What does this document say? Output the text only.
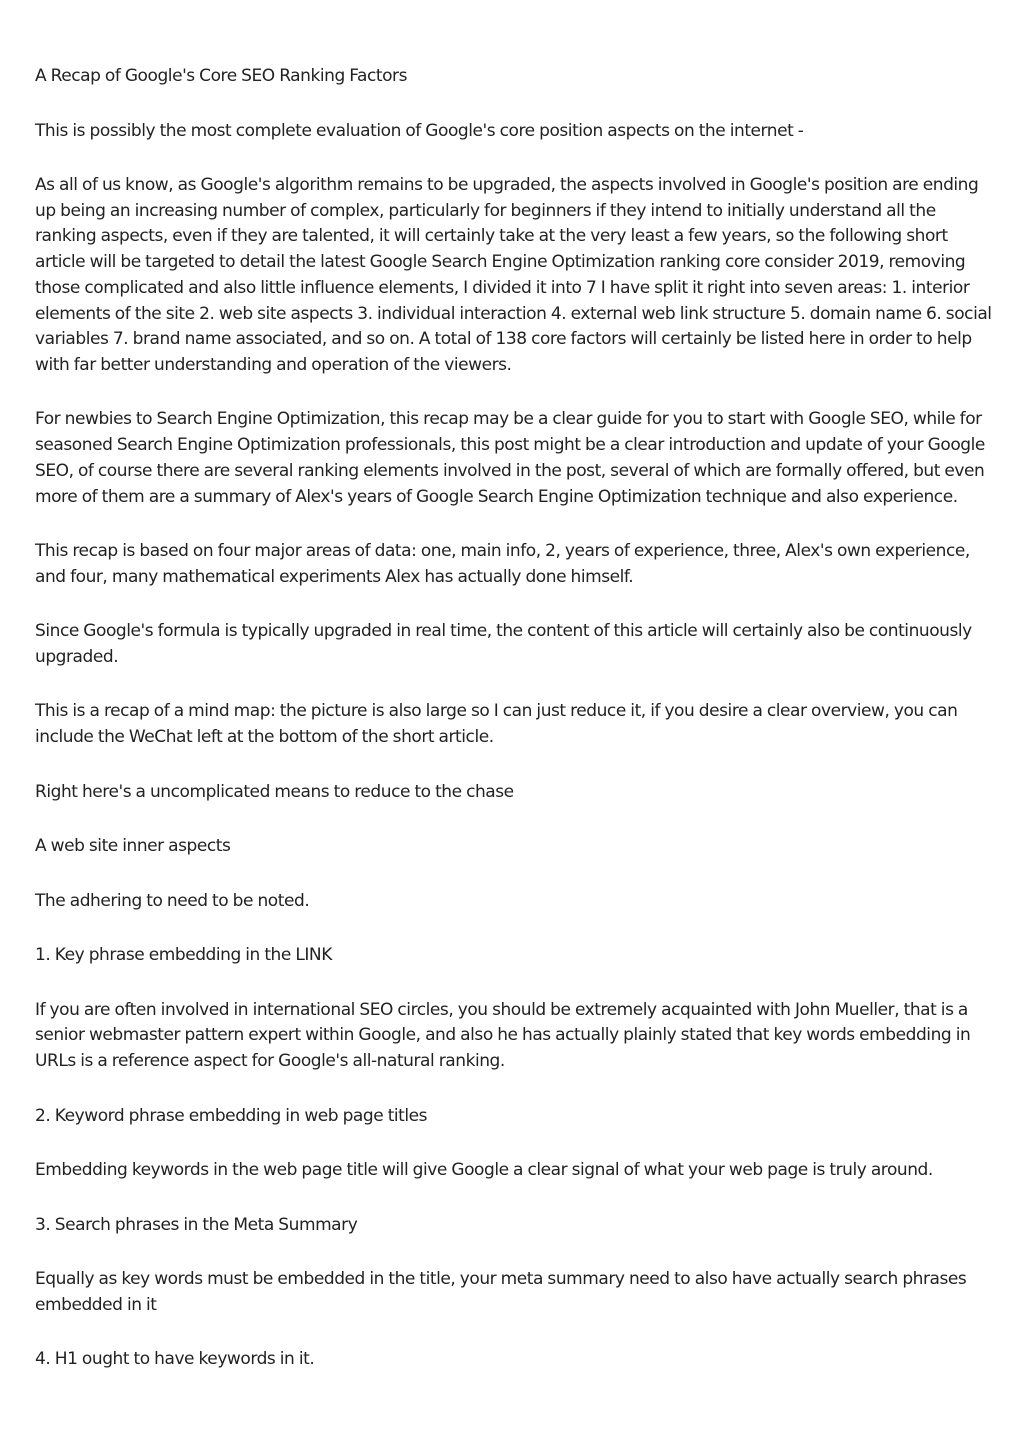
A Recap of Google's Core SEO Ranking Factors

This is possibly the most complete evaluation of Google's core position aspects on the internet -

As all of us know, as Google's algorithm remains to be upgraded, the aspects involved in Google's position are ending up being an increasing number of complex, particularly for beginners if they intend to initially understand all the ranking aspects, even if they are talented, it will certainly take at the very least a few years, so the following short article will be targeted to detail the latest Google Search Engine Optimization ranking core consider 2019, removing those complicated and also little influence elements, I divided it into 7 I have split it right into seven areas: 1. interior elements of the site 2. web site aspects 3. individual interaction 4. external web link structure 5. domain name 6. social variables 7. brand name associated, and so on. A total of 138 core factors will certainly be listed here in order to help with far better understanding and operation of the viewers.

For newbies to Search Engine Optimization, this recap may be a clear guide for you to start with Google SEO, while for seasoned Search Engine Optimization professionals, this post might be a clear introduction and update of your Google SEO, of course there are several ranking elements involved in the post, several of which are formally offered, but even more of them are a summary of Alex's years of Google Search Engine Optimization technique and also experience.

This recap is based on four major areas of data: one, main info, 2, years of experience, three, Alex's own experience, and four, many mathematical experiments Alex has actually done himself.

Since Google's formula is typically upgraded in real time, the content of this article will certainly also be continuously upgraded.

This is a recap of a mind map: the picture is also large so I can just reduce it, if you desire a clear overview, you can include the WeChat left at the bottom of the short article.

Right here's a uncomplicated means to reduce to the chase

A web site inner aspects

The adhering to need to be noted.

1. Key phrase embedding in the LINK

If you are often involved in international SEO circles, you should be extremely acquainted with John Mueller, that is a senior webmaster pattern expert within Google, and also he has actually plainly stated that key words embedding in URLs is a reference aspect for Google's all-natural ranking.

2. Keyword phrase embedding in web page titles

Embedding keywords in the web page title will give Google a clear signal of what your web page is truly around.

3. Search phrases in the Meta Summary

Equally as key words must be embedded in the title, your meta summary need to also have actually search phrases embedded in it

4. H1 ought to have keywords in it.
